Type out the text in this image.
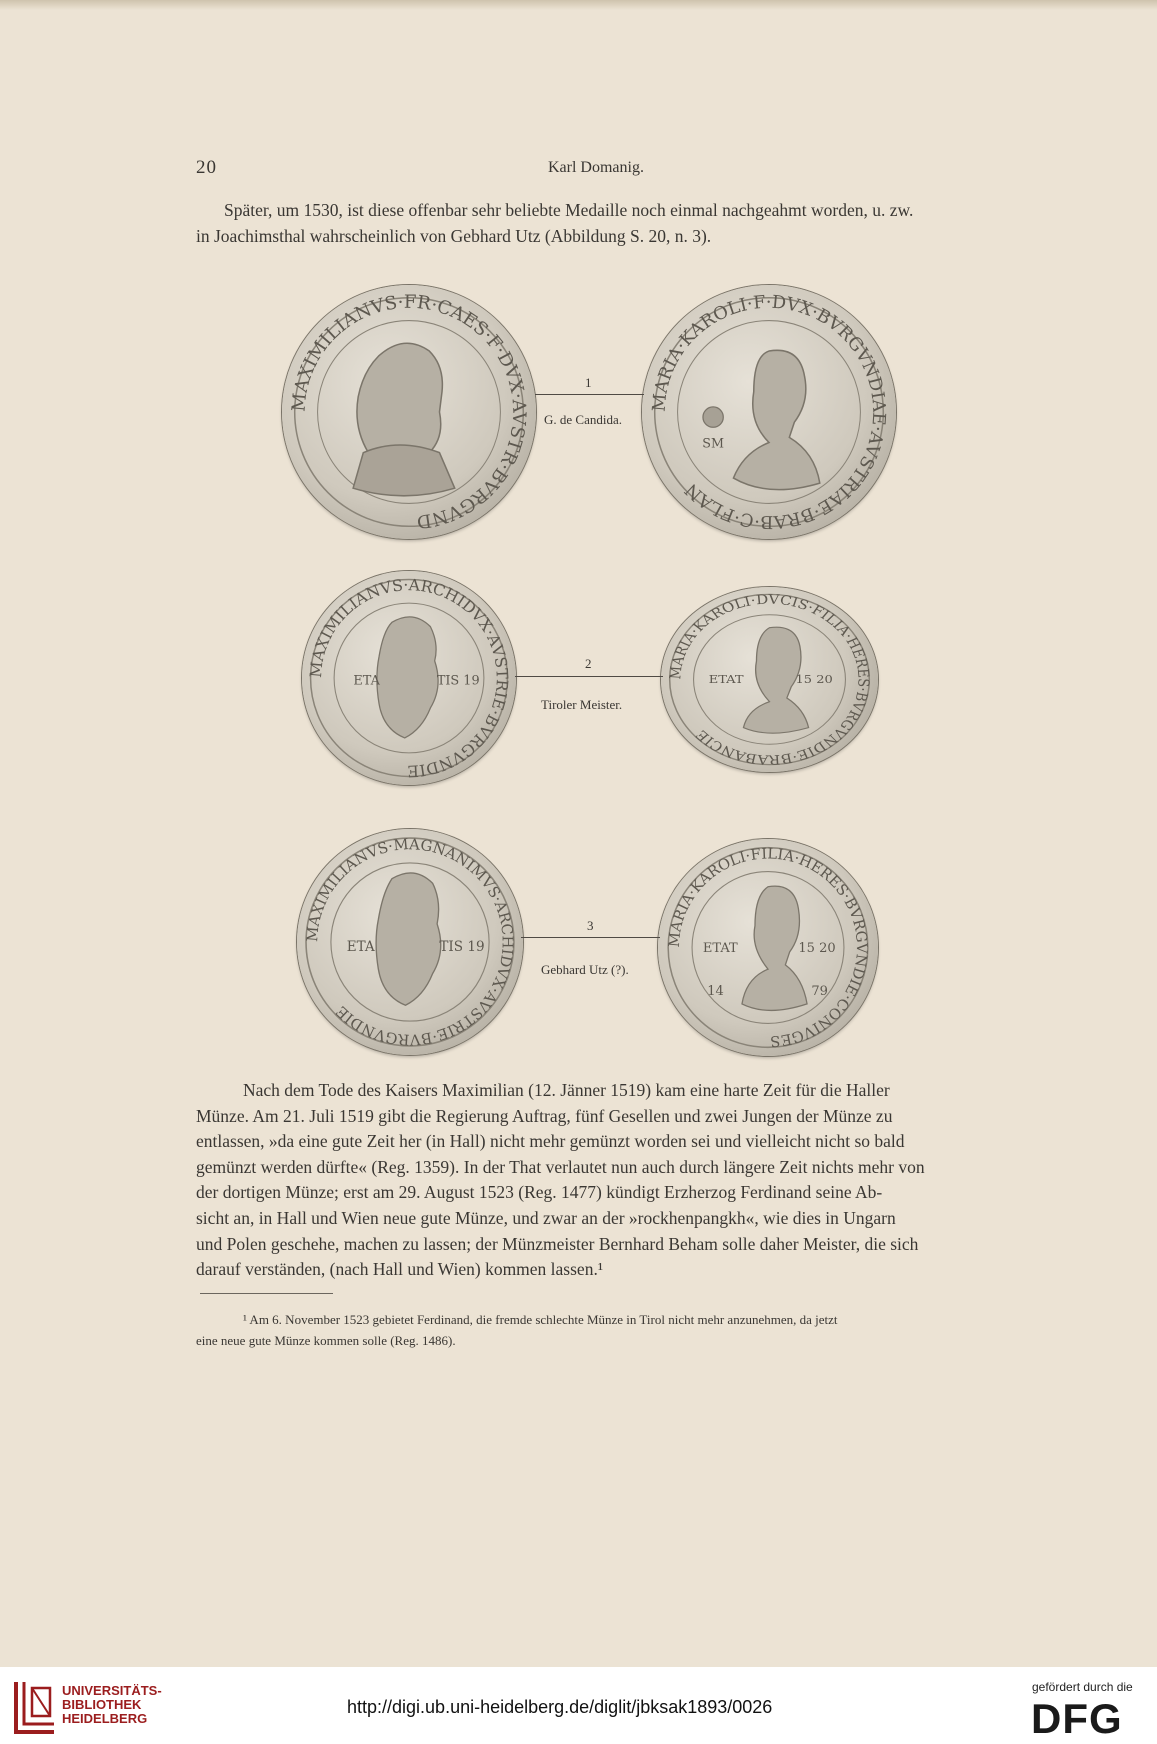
20	Karl Domanig.

Später, um 1530, ist diese offenbar sehr beliebte Medaille noch einmal nachgeahmt worden, u. zw.
in Joachimsthal wahrscheinlich von Gebhard Utz (Abbildung S. 20, n. 3).

MAXIMILIANVS·FR·CAES·F·DVX·AVSTR·BVRGVND
MARIA·KAROLI·F·DVX·BVRGVNDIAE·AVSTRIAE·BRAB·C·FLAN
SM
1
G. de Candida.
MAXIMILIANVS·ARCHIDVX·AVSTRIE·BVRGVNDIE
ETA	TIS 19
MARIA·KAROLI·DVCIS·FILIA·HERES·BVRGVNDIE·BRABANCIE
ETAT	15 20
2
Tiroler Meister.
MAXIMILIANVS·MAGNANIMVS·ARCHIDVX·AVSTRIE·BVRGVNDIE
ETA	TIS 19	MARIA·KAROLI·FILIA·HERES·BVRGVNDIE·CONIVGES
ETAT	15 20
14	79
3
Gebhard Utz (?).

Nach dem Tode des Kaisers Maximilian (12. Jänner 1519) kam eine harte Zeit für die Haller
Münze. Am 21. Juli 1519 gibt die Regierung Auftrag, fünf Gesellen und zwei Jungen der Münze zu
entlassen, »da eine gute Zeit her (in Hall) nicht mehr gemünzt worden sei und vielleicht nicht so bald
gemünzt werden dürfte« (Reg. 1359). In der That verlautet nun auch durch längere Zeit nichts mehr von
der dortigen Münze; erst am 29. August 1523 (Reg. 1477) kündigt Erzherzog Ferdinand seine Ab-
sicht an, in Hall und Wien neue gute Münze, und zwar an der »rockhenpangkh«, wie dies in Ungarn
und Polen geschehe, machen zu lassen; der Münzmeister Bernhard Beham solle daher Meister, die sich
darauf verständen, (nach Hall und Wien) kommen lassen.¹

¹ Am 6. November 1523 gebietet Ferdinand, die fremde schlechte Münze in Tirol nicht mehr anzunehmen, da jetzt
eine neue gute Münze kommen solle (Reg. 1486).

UNIVERSITÄTS-
BIBLIOTHEK
HEIDELBERG
http://digi.ub.uni-heidelberg.de/diglit/jbksak1893/0026
gefördert durch die
DFG
